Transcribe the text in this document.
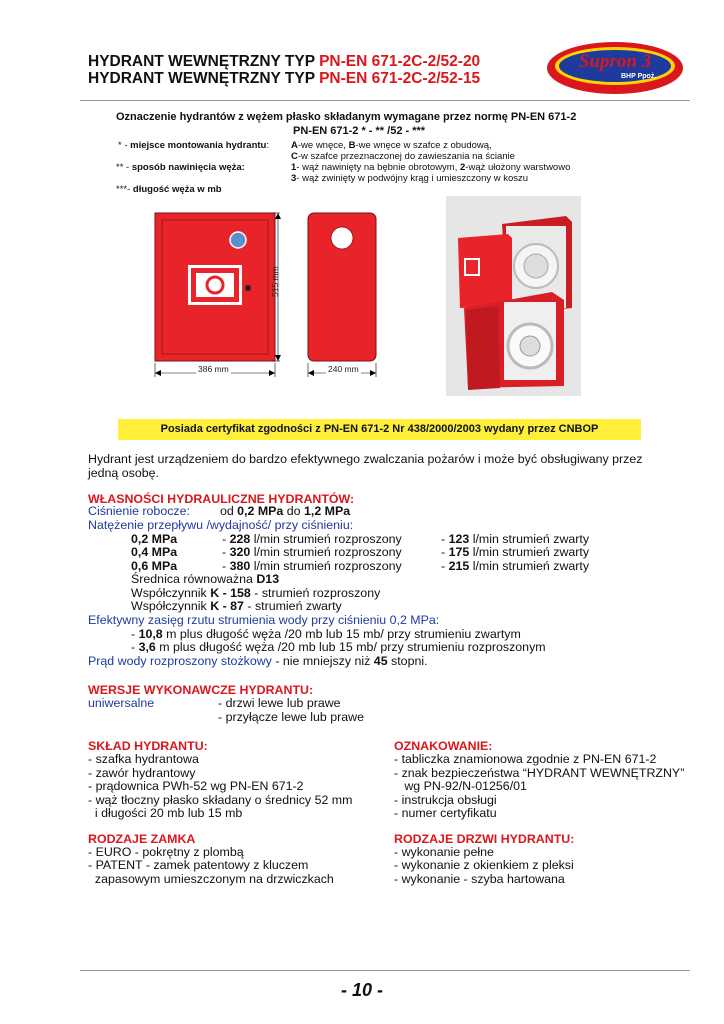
HYDRANT WEWNĘTRZNY TYP PN-EN 671-2C-2/52-20
HYDRANT WEWNĘTRZNY TYP PN-EN 671-2C-2/52-15
Supron 3
BHP Ppoż.
Oznaczenie hydrantów z wężem płasko składanym wymagane przez normę PN-EN 671-2
PN-EN 671-2 * - ** /52 - ***
* - miejsce montowania hydrantu: A-we wnęce, B-we wnęce w szafce z obudową,
C-w szafce przeznaczonej do zawieszania na ścianie
** - sposób nawinięcia węża:	1- wąż nawinięty na bębnie obrotowym, 2-wąż ułożony warstwowo
3- wąż zwinięty w podwójny krąg i umieszczony w koszu
***- długość węża w mb
515 mm
386 mm	240 mm
Posiada certyfikat zgodności z PN-EN 671-2 Nr 438/2000/2003 wydany przez CNBOP
Hydrant jest urządzeniem do bardzo efektywnego zwalczania pożarów i może być obsługiwany przez
jedną osobę.
WŁASNOŚCI HYDRAULICZNE HYDRANTÓW:
Ciśnienie robocze: od 0,2 MPa do 1,2 MPa
Natężenie przepływu /wydajność/ przy ciśnieniu:
0,2 MPa	- 228 l/min strumień rozproszony	- 123 l/min strumień zwarty
0,4 MPa	- 320 l/min strumień rozproszony	- 175 l/min strumień zwarty
0,6 MPa	- 380 l/min strumień rozproszony	- 215 l/min strumień zwarty
Średnica równoważna D13
Współczynnik K - 158 - strumień rozproszony
Współczynnik K - 87 - strumień zwarty
Efektywny zasięg rzutu strumienia wody przy ciśnieniu 0,2 MPa:
- 10,8 m plus długość węża /20 mb lub 15 mb/ przy strumieniu zwartym
- 3,6 m plus długość węża /20 mb lub 15 mb/ przy strumieniu rozproszonym
Prąd wody rozproszony stożkowy - nie mniejszy niż 45 stopni.
WERSJE WYKONAWCZE HYDRANTU:
uniwersalne	- drzwi lewe lub prawe
- przyłącze lewe lub prawe
SKŁAD HYDRANTU:
- szafka hydrantowa
- zawór hydrantowy
- prądownica PWh-52 wg PN-EN 671-2
- wąż tłoczny płasko składany o średnicy 52 mm
i długości 20 mb lub 15 mb
OZNAKOWANIE:
- tabliczka znamionowa zgodnie z PN-EN 671-2
- znak bezpieczeństwa “HYDRANT WEWNĘTRZNY”
wg PN-92/N-01256/01
- instrukcja obsługi
- numer certyfikatu
RODZAJE ZAMKA
- EURO - pokrętny z plombą
- PATENT - zamek patentowy z kluczem
zapasowym umieszczonym na drzwiczkach
RODZAJE DRZWI HYDRANTU:
- wykonanie pełne
- wykonanie z okienkiem z pleksi
- wykonanie - szyba hartowana
- 10 -
